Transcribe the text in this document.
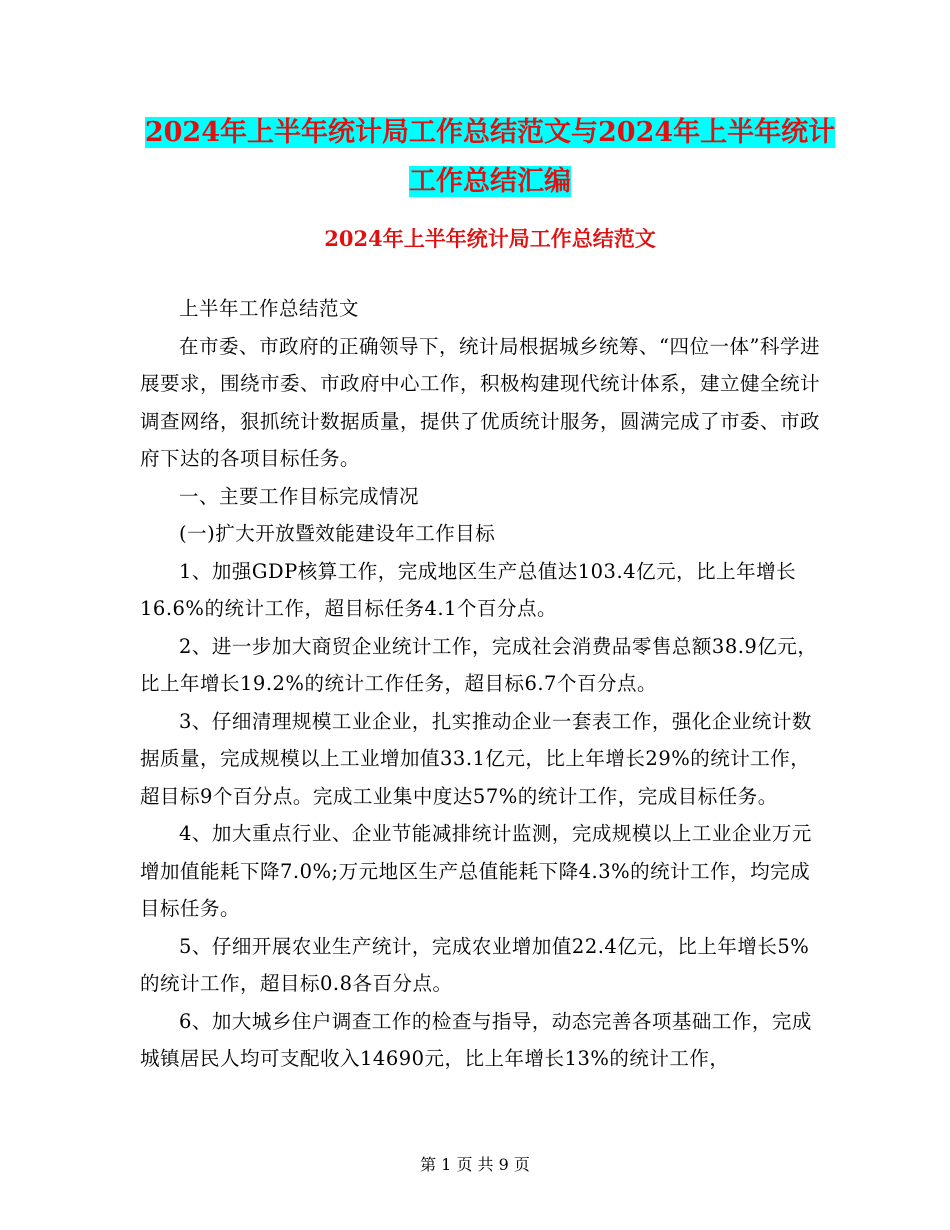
2024年上半年统计局工作总结范文与2024年上半年统计工作总结汇编
2024年上半年统计局工作总结范文

上半年工作总结范文

在市委、市政府的正确领导下，统计局根据城乡统筹、“四位一体”科学进展要求，围绕市委、市政府中心工作，积极构建现代统计体系，建立健全统计调查网络，狠抓统计数据质量，提供了优质统计服务，圆满完成了市委、市政府下达的各项目标任务。

一、主要工作目标完成情况

(一)扩大开放暨效能建设年工作目标

1、加强GDP核算工作，完成地区生产总值达103.4亿元，比上年增长16.6%的统计工作，超目标任务4.1个百分点。

2、进一步加大商贸企业统计工作，完成社会消费品零售总额38.9亿元，比上年增长19.2%的统计工作任务，超目标6.7个百分点。

3、仔细清理规模工业企业，扎实推动企业一套表工作，强化企业统计数据质量，完成规模以上工业增加值33.1亿元，比上年增长29%的统计工作，超目标9个百分点。完成工业集中度达57%的统计工作，完成目标任务。

4、加大重点行业、企业节能减排统计监测，完成规模以上工业企业万元增加值能耗下降7.0%;万元地区生产总值能耗下降4.3%的统计工作，均完成目标任务。

5、仔细开展农业生产统计，完成农业增加值22.4亿元，比上年增长5%的统计工作，超目标0.8各百分点。

6、加大城乡住户调查工作的检查与指导，动态完善各项基础工作，完成城镇居民人均可支配收入14690元，比上年增长13%的统计工作，

第 1 页 共 9 页
